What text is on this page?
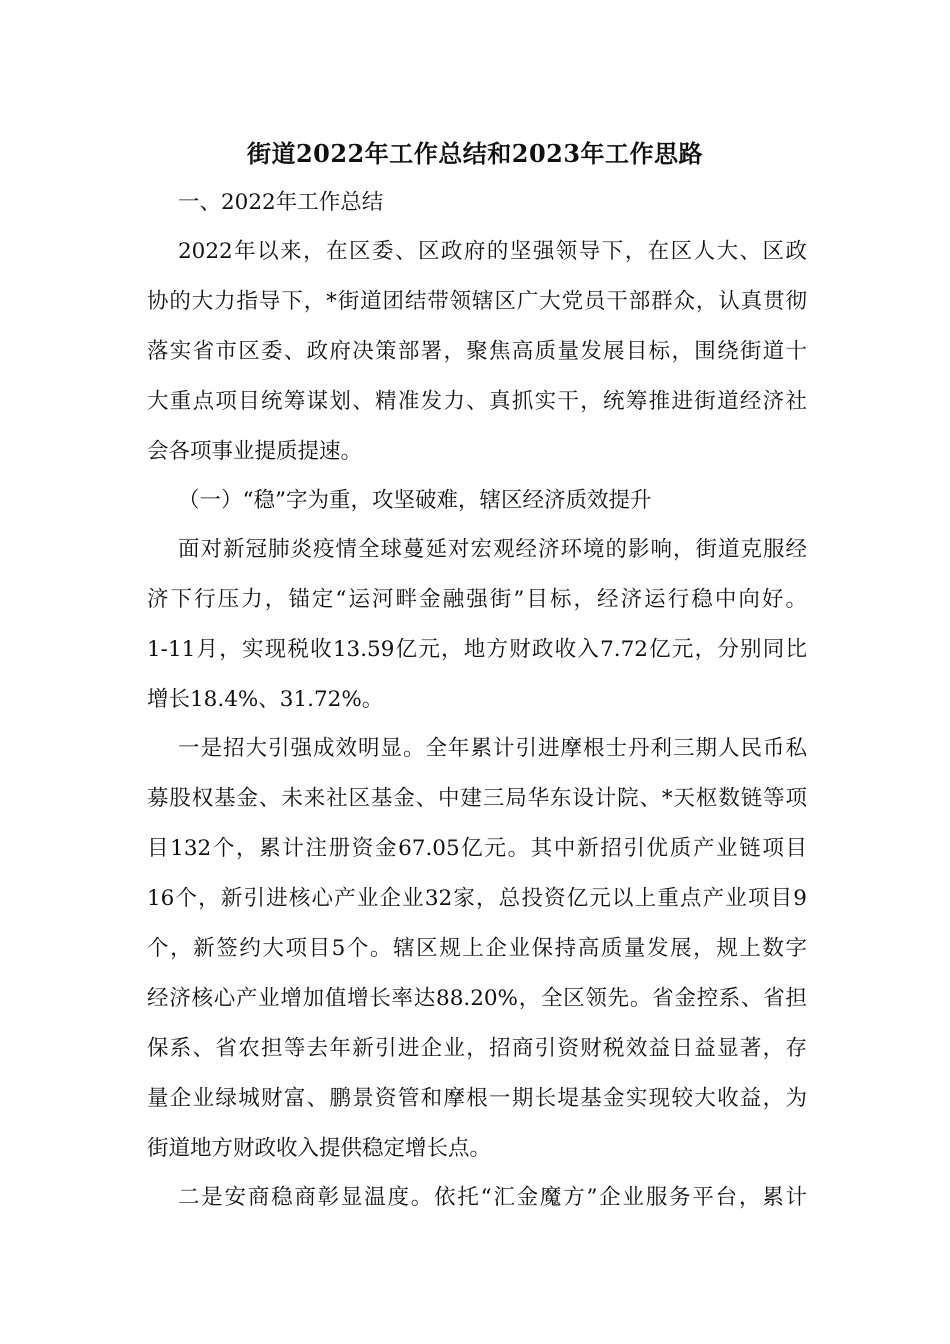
街道2022年工作总结和2023年工作思路
一、2022年工作总结
2022年以来，在区委、区政府的坚强领导下，在区人大、区政
协的大力指导下，*街道团结带领辖区广大党员干部群众，认真贯彻
落实省市区委、政府决策部署，聚焦高质量发展目标，围绕街道十
大重点项目统筹谋划、精准发力、真抓实干，统筹推进街道经济社
会各项事业提质提速。
（一）“稳”字为重，攻坚破难，辖区经济质效提升
面对新冠肺炎疫情全球蔓延对宏观经济环境的影响，街道克服经
济下行压力，锚定“运河畔金融强街”目标，经济运行稳中向好。
1-11月，实现税收13.59亿元，地方财政收入7.72亿元，分别同比
增长18.4%、31.72%。
一是招大引强成效明显。全年累计引进摩根士丹利三期人民币私
募股权基金、未来社区基金、中建三局华东设计院、*天枢数链等项
目132个，累计注册资金67.05亿元。其中新招引优质产业链项目
16个，新引进核心产业企业32家，总投资亿元以上重点产业项目9
个，新签约大项目5个。辖区规上企业保持高质量发展，规上数字
经济核心产业增加值增长率达88.20%，全区领先。省金控系、省担
保系、省农担等去年新引进企业，招商引资财税效益日益显著，存
量企业绿城财富、鹏景资管和摩根一期长堤基金实现较大收益，为
街道地方财政收入提供稳定增长点。
二是安商稳商彰显温度。依托“汇金魔方”企业服务平台，累计
